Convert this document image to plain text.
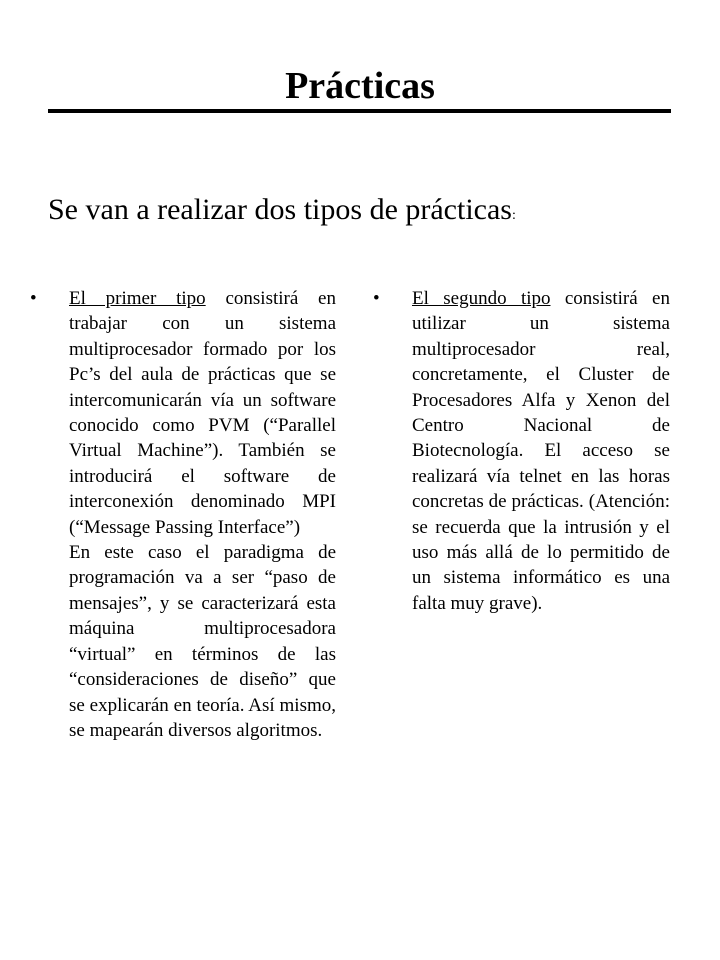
Prácticas
Se van a realizar dos tipos de prácticas:
•	El primer tipo consistirá en trabajar con un sistema multiprocesador formado por los Pc’s del aula de prácticas que se intercomunicarán vía un software conocido como PVM (“Parallel Virtual Machine”). También se introducirá el software de interconexión denominado MPI (“Message Passing Interface”)

En este caso el paradigma de programación va a ser “paso de mensajes”, y se caracterizará esta máquina multiprocesadora “virtual” en términos de las “consideraciones de diseño” que se explicarán en teoría. Así mismo, se mapearán diversos algoritmos.

•	El segundo tipo consistirá en utilizar un sistema multiprocesador real, concretamente, el Cluster de Procesadores Alfa y Xenon del Centro Nacional de Biotecnología. El acceso se realizará vía telnet en las horas concretas de prácticas. (Atención: se recuerda que la intrusión y el uso más allá de lo permitido de un sistema informático es una falta muy grave).
